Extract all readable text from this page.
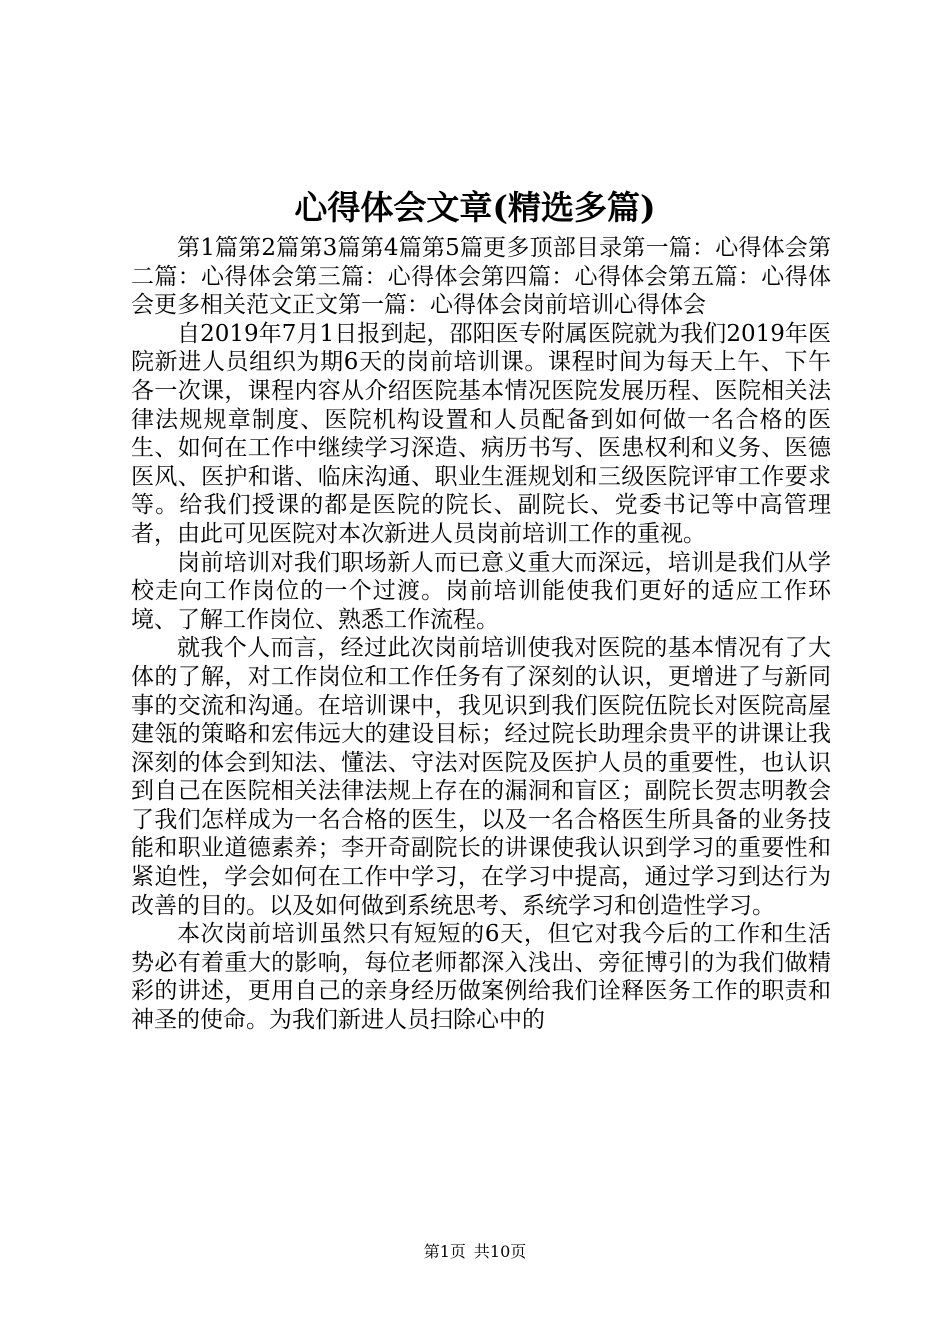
心得体会文章(精选多篇)

第1篇第2篇第3篇第4篇第5篇更多顶部目录第一篇：心得体会第二篇：心得体会第三篇：心得体会第四篇：心得体会第五篇：心得体会更多相关范文正文第一篇：心得体会岗前培训心得体会

自2019年7月1日报到起，邵阳医专附属医院就为我们2019年医院新进人员组织为期6天的岗前培训课。课程时间为每天上午、下午各一次课，课程内容从介绍医院基本情况医院发展历程、医院相关法律法规规章制度、医院机构设置和人员配备到如何做一名合格的医生、如何在工作中继续学习深造、病历书写、医患权利和义务、医德医风、医护和谐、临床沟通、职业生涯规划和三级医院评审工作要求等。给我们授课的都是医院的院长、副院长、党委书记等中高管理者，由此可见医院对本次新进人员岗前培训工作的重视。

岗前培训对我们职场新人而已意义重大而深远，培训是我们从学校走向工作岗位的一个过渡。岗前培训能使我们更好的适应工作环境、了解工作岗位、熟悉工作流程。

就我个人而言，经过此次岗前培训使我对医院的基本情况有了大体的了解，对工作岗位和工作任务有了深刻的认识，更增进了与新同事的交流和沟通。在培训课中，我见识到我们医院伍院长对医院高屋建瓴的策略和宏伟远大的建设目标；经过院长助理余贵平的讲课让我深刻的体会到知法、懂法、守法对医院及医护人员的重要性，也认识到自己在医院相关法律法规上存在的漏洞和盲区；副院长贺志明教会了我们怎样成为一名合格的医生，以及一名合格医生所具备的业务技能和职业道德素养；李开奇副院长的讲课使我认识到学习的重要性和紧迫性，学会如何在工作中学习，在学习中提高，通过学习到达行为改善的目的。以及如何做到系统思考、系统学习和创造性学习。

本次岗前培训虽然只有短短的6天，但它对我今后的工作和生活势必有着重大的影响，每位老师都深入浅出、旁征博引的为我们做精彩的讲述，更用自己的亲身经历做案例给我们诠释医务工作的职责和神圣的使命。为我们新进人员扫除心中的

第1页 共10页
